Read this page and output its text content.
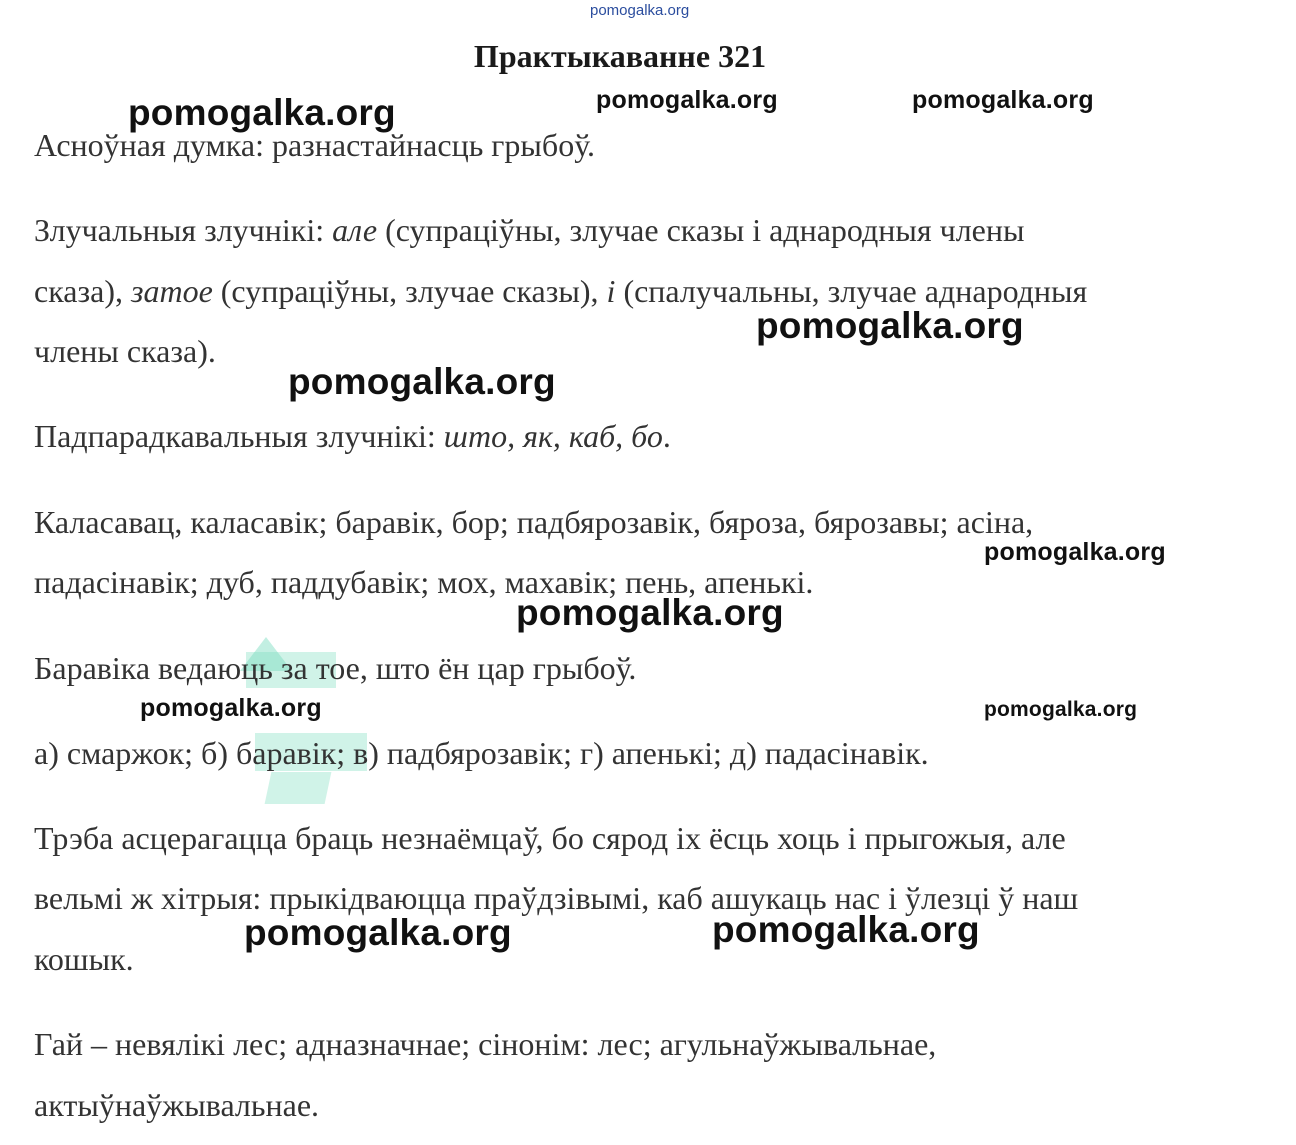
pomogalka.org
Практыкаванне 321
Асноўная думка: разнастайнасць грыбоў.
Злучальныя злучнікі: але (супраціўны, злучае сказы і аднародныя члены
сказа), затое (супраціўны, злучае сказы), і (спалучальны, злучае аднародныя
члены сказа).
Падпарадкавальныя злучнікі: што, як, каб, бо.
Каласавац, каласавік; баравік, бор; падбярозавік, бяроза, бярозавы; асіна,
падасінавік; дуб, паддубавік; мох, махавік; пень, апенькі.
Баравіка ведаюць за тое, што ён цар грыбоў.
а) смаржок; б) баравік; в) падбярозавік; г) апенькі; д) падасінавік.
Трэба асцерагацца браць незнаёмцаў, бо сярод іх ёсць хоць і прыгожыя, але
вельмі ж хітрыя: прыкідваюцца праўдзівымі, каб ашукаць нас і ўлезці ў наш
кошык.
Гай – невялікі лес; адназначнае; сінонім: лес; агульнаўжывальнае,
актыўнаўжывальнае.
pomogalka.org	pomogalka.org	pomogalka.org
pomogalka.org
pomogalka.org
pomogalka.org
pomogalka.org
pomogalka.org	pomogalka.org
pomogalka.org	pomogalka.org
